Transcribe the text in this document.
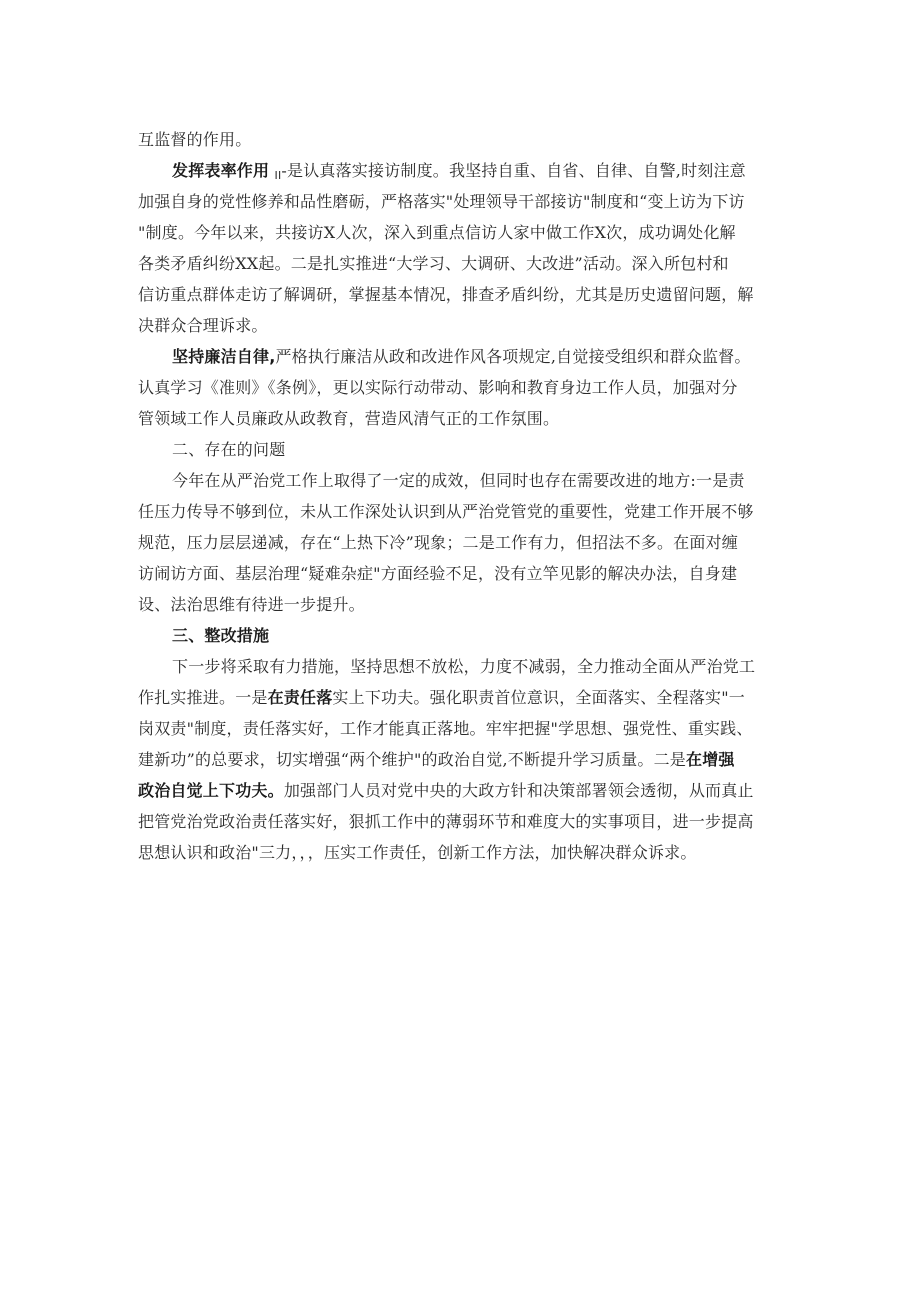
互监督的作用。
发挥表率作用 $_{II}$-是认真落实接访制度。我坚持自重、自省、自律、自警,时刻注意
加强自身的党性修养和品性磨砺，严格落实"处理领导干部接访"制度和“变上访为下访
"制度。今年以来，共接访X人次，深入到重点信访人家中做工作X次，成功调处化解
各类矛盾纠纷XX起。二是扎实推进“大学习、大调研、大改进”活动。深入所包村和
信访重点群体走访了解调研，掌握基本情况，排查矛盾纠纷，尤其是历史遗留问题，解
决群众合理诉求。
坚持廉洁自律,严格执行廉洁从政和改进作风各项规定,自觉接受组织和群众监督。
认真学习《准则》《条例》，更以实际行动带动、影响和教育身边工作人员，加强对分
管领域工作人员廉政从政教育，营造风清气正的工作氛围。
二、存在的问题
今年在从严治党工作上取得了一定的成效，但同时也存在需要改进的地方:一是责
任压力传导不够到位，未从工作深处认识到从严治党管党的重要性，党建工作开展不够
规范，压力层层递减，存在“上热下冷”现象；二是工作有力，但招法不多。在面对缠
访闹访方面、基层治理“疑难杂症"方面经验不足，没有立竿见影的解决办法，自身建
设、法治思维有待进一步提升。
三、整改措施
下一步将采取有力措施，坚持思想不放松，力度不减弱，全力推动全面从严治党工
作扎实推进。一是在责任落实上下功夫。强化职责首位意识，全面落实、全程落实"一
岗双责"制度，责任落实好，工作才能真正落地。牢牢把握"学思想、强党性、重实践、
建新功”的总要求，切实增强“两个维护"的政治自觉,不断提升学习质量。二是在增强
政治自觉上下功夫。加强部门人员对党中央的大政方针和决策部署领会透彻，从而真止
把管党治党政治责任落实好，狠抓工作中的薄弱环节和难度大的实事项目，进一步提高
思想认识和政治"三力，，，压实工作责任，创新工作方法，加快解决群众诉求。
